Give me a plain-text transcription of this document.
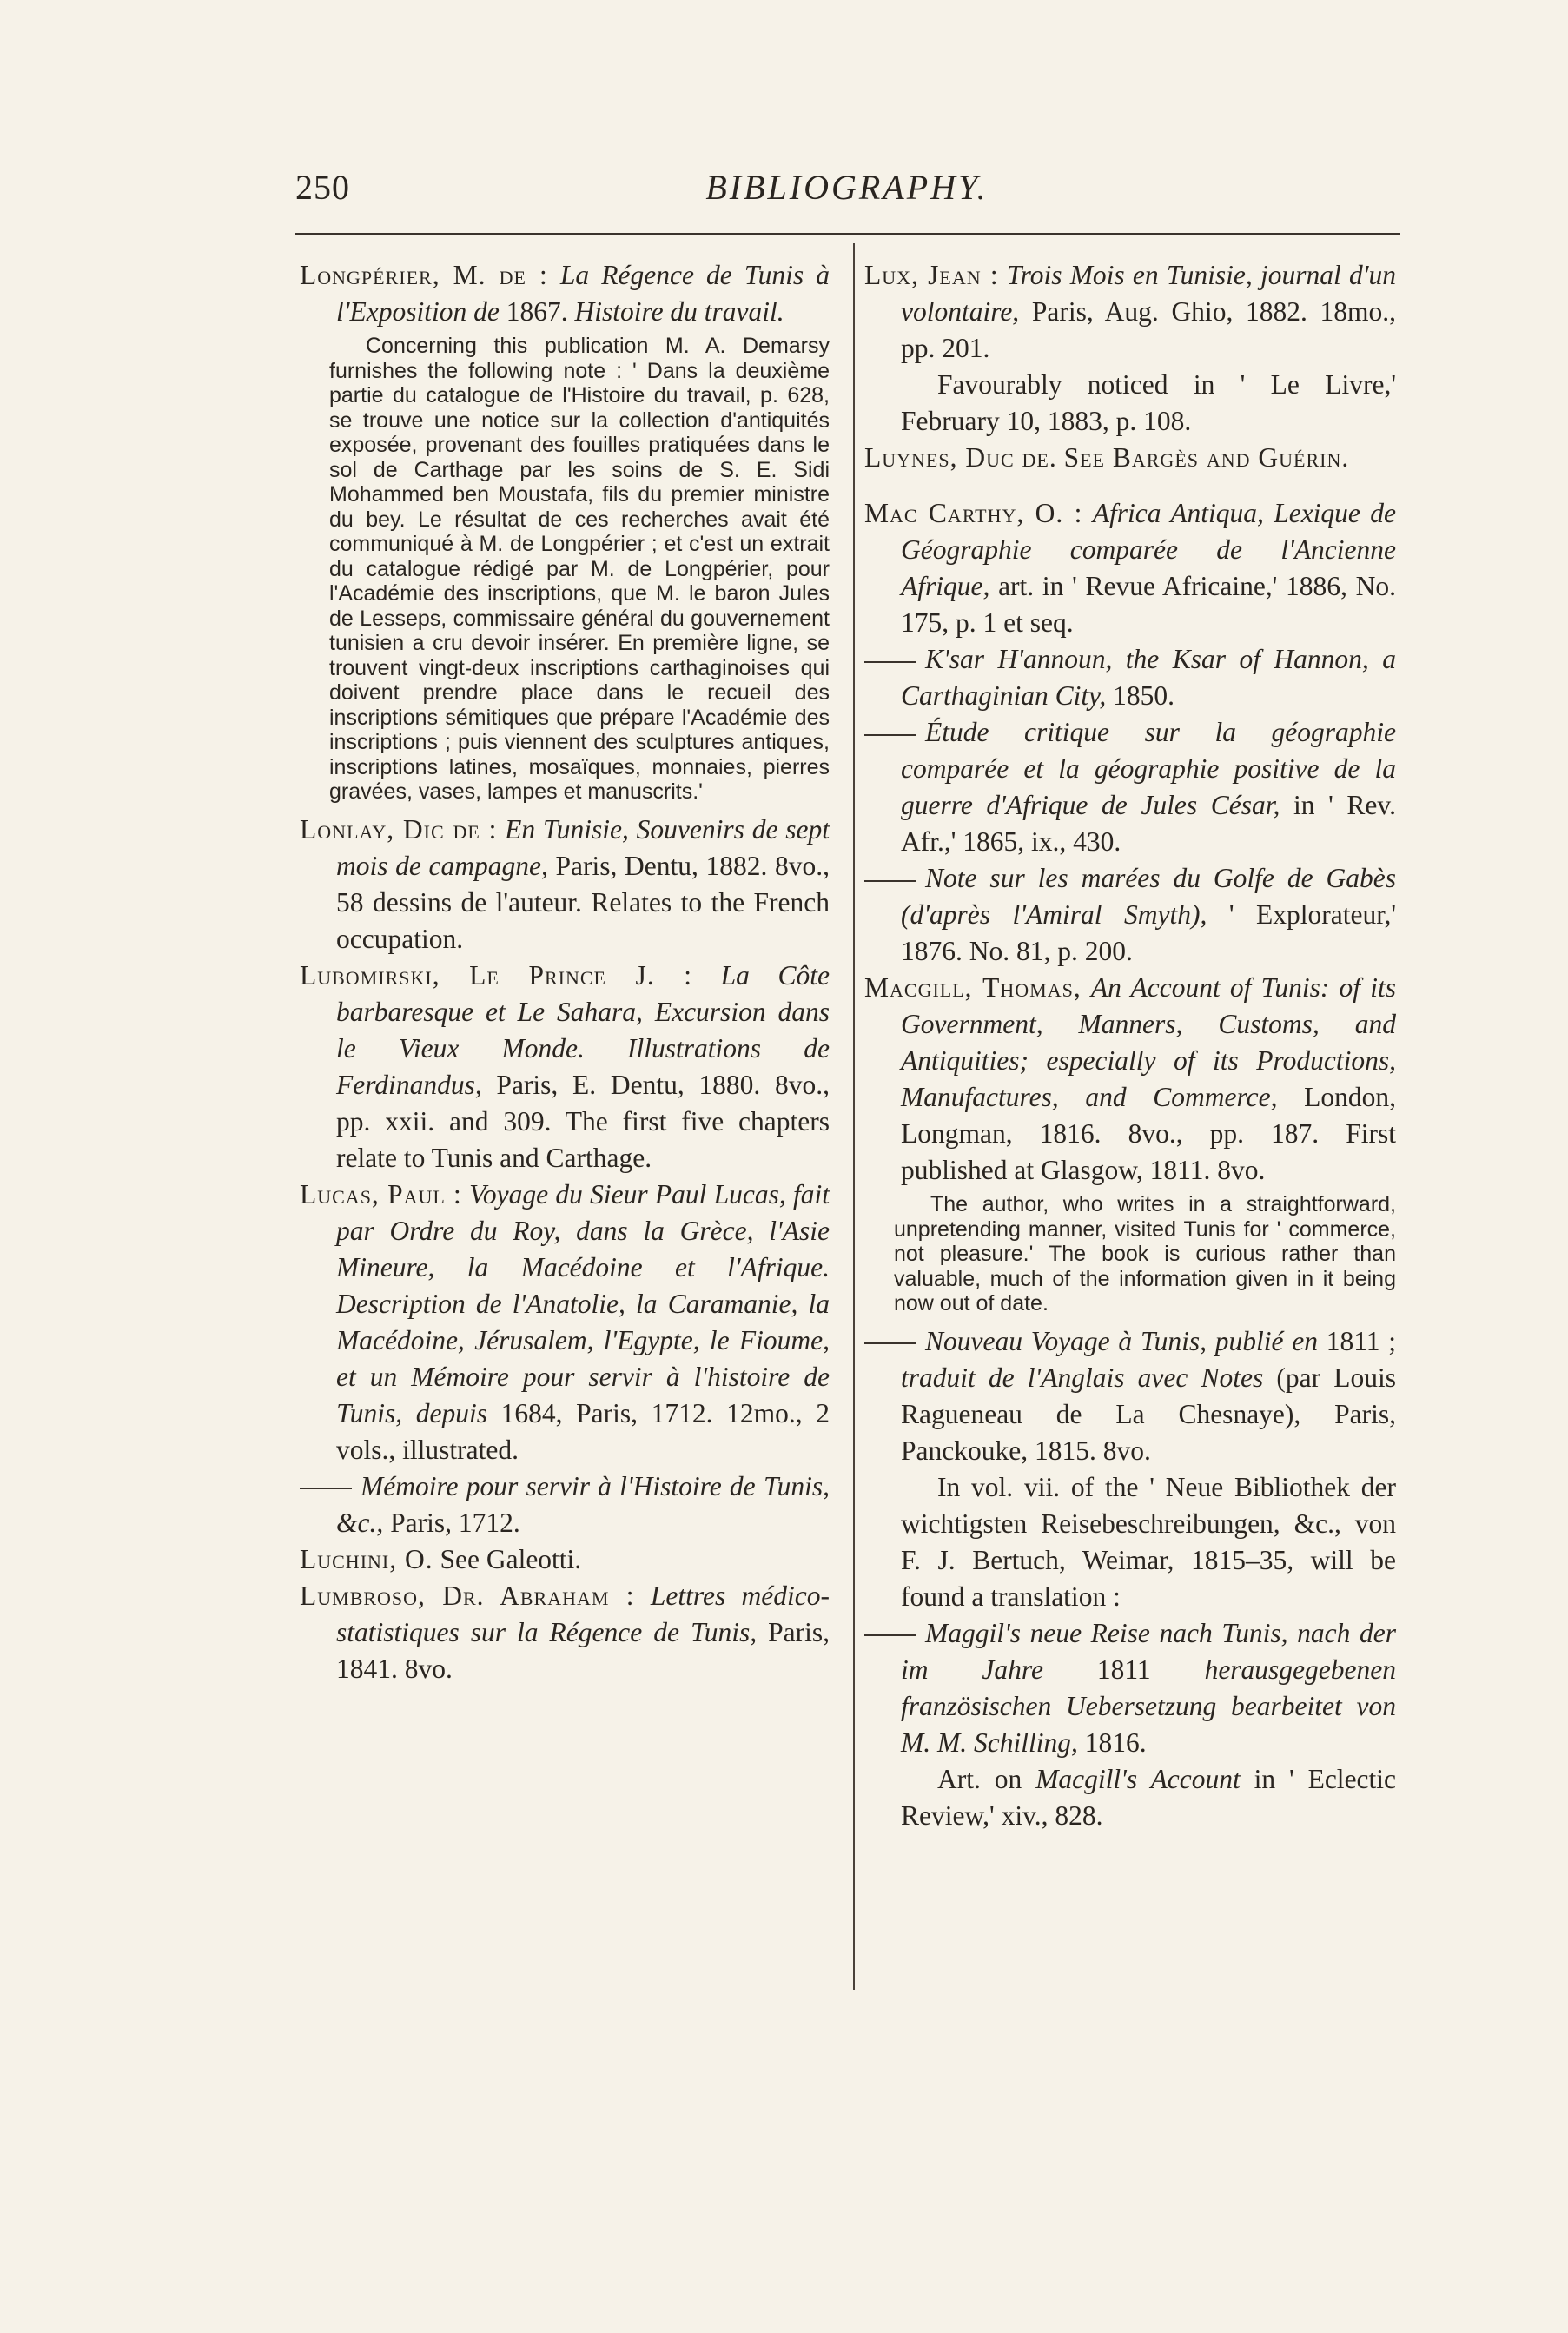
250	BIBLIOGRAPHY.
Longpérier, M. de : La Régence de Tunis à l'Exposition de 1867. Histoire du travail.
Concerning this publication M. A. Demarsy furnishes the following note : ' Dans la deuxième partie du catalogue de l'Histoire du travail, p. 628, se trouve une notice sur la collection d'antiquités exposée, provenant des fouilles pratiquées dans le sol de Carthage par les soins de S. E. Sidi Mohammed ben Moustafa, fils du premier ministre du bey. Le résultat de ces recherches avait été communiqué à M. de Longpérier ; et c'est un extrait du catalogue rédigé par M. de Longpérier, pour l'Académie des inscriptions, que M. le baron Jules de Lesseps, commissaire général du gouvernement tunisien a cru devoir insérer. En première ligne, se trouvent vingt-deux inscriptions carthaginoises qui doivent prendre place dans le recueil des inscriptions sémitiques que prépare l'Académie des inscriptions ; puis viennent des sculptures antiques, inscriptions latines, mosaïques, monnaies, pierres gravées, vases, lampes et manuscrits.'
Lonlay, Dic de : En Tunisie, Souvenirs de sept mois de campagne, Paris, Dentu, 1882. 8vo., 58 dessins de l'auteur. Relates to the French occupation.
Lubomirski, Le Prince J. : La Côte barbaresque et Le Sahara, Excursion dans le Vieux Monde. Illustrations de Ferdinandus, Paris, E. Dentu, 1880. 8vo., pp. xxii. and 309. The first five chapters relate to Tunis and Carthage.
Lucas, Paul : Voyage du Sieur Paul Lucas, fait par Ordre du Roy, dans la Grèce, l'Asie Mineure, la Macédoine et l'Afrique. Description de l'Anatolie, la Caramanie, la Macédoine, Jérusalem, l'Egypte, le Fioume, et un Mémoire pour servir à l'histoire de Tunis, depuis 1684, Paris, 1712. 12mo., 2 vols., illustrated.
Mémoire pour servir à l'Histoire de Tunis, &c., Paris, 1712.
Luchini, O. See Galeotti.
Lumbroso, Dr. Abraham : Lettres médico-statistiques sur la Régence de Tunis, Paris, 1841. 8vo.
Lux, Jean : Trois Mois en Tunisie, journal d'un volontaire, Paris, Aug. Ghio, 1882. 18mo., pp. 201.
Favourably noticed in ' Le Livre,' February 10, 1883, p. 108.
Luynes, Duc de. See Bargès and Guérin.
Mac Carthy, O. : Africa Antiqua, Lexique de Géographie comparée de l'Ancienne Afrique, art. in ' Revue Africaine,' 1886, No. 175, p. 1 et seq.
K'sar H'announ, the Ksar of Hannon, a Carthaginian City, 1850.
Étude critique sur la géographie comparée et la géographie positive de la guerre d'Afrique de Jules César, in ' Rev. Afr.,' 1865, ix., 430.
Note sur les marées du Golfe de Gabès (d'après l'Amiral Smyth), ' Explorateur,' 1876. No. 81, p. 200.
Macgill, Thomas, An Account of Tunis: of its Government, Manners, Customs, and Antiquities; especially of its Productions, Manufactures, and Commerce, London, Longman, 1816. 8vo., pp. 187. First published at Glasgow, 1811. 8vo.
The author, who writes in a straightforward, unpretending manner, visited Tunis for ' commerce, not pleasure.' The book is curious rather than valuable, much of the information given in it being now out of date.
Nouveau Voyage à Tunis, publié en 1811 ; traduit de l'Anglais avec Notes (par Louis Ragueneau de La Chesnaye), Paris, Panckouke, 1815. 8vo.
In vol. vii. of the ' Neue Bibliothek der wichtigsten Reisebeschreibungen, &c., von F. J. Bertuch, Weimar, 1815–35, will be found a translation :
Maggil's neue Reise nach Tunis, nach der im Jahre 1811 herausgegebenen französischen Uebersetzung bearbeitet von M. M. Schilling, 1816.
Art. on Macgill's Account in ' Eclectic Review,' xiv., 828.
